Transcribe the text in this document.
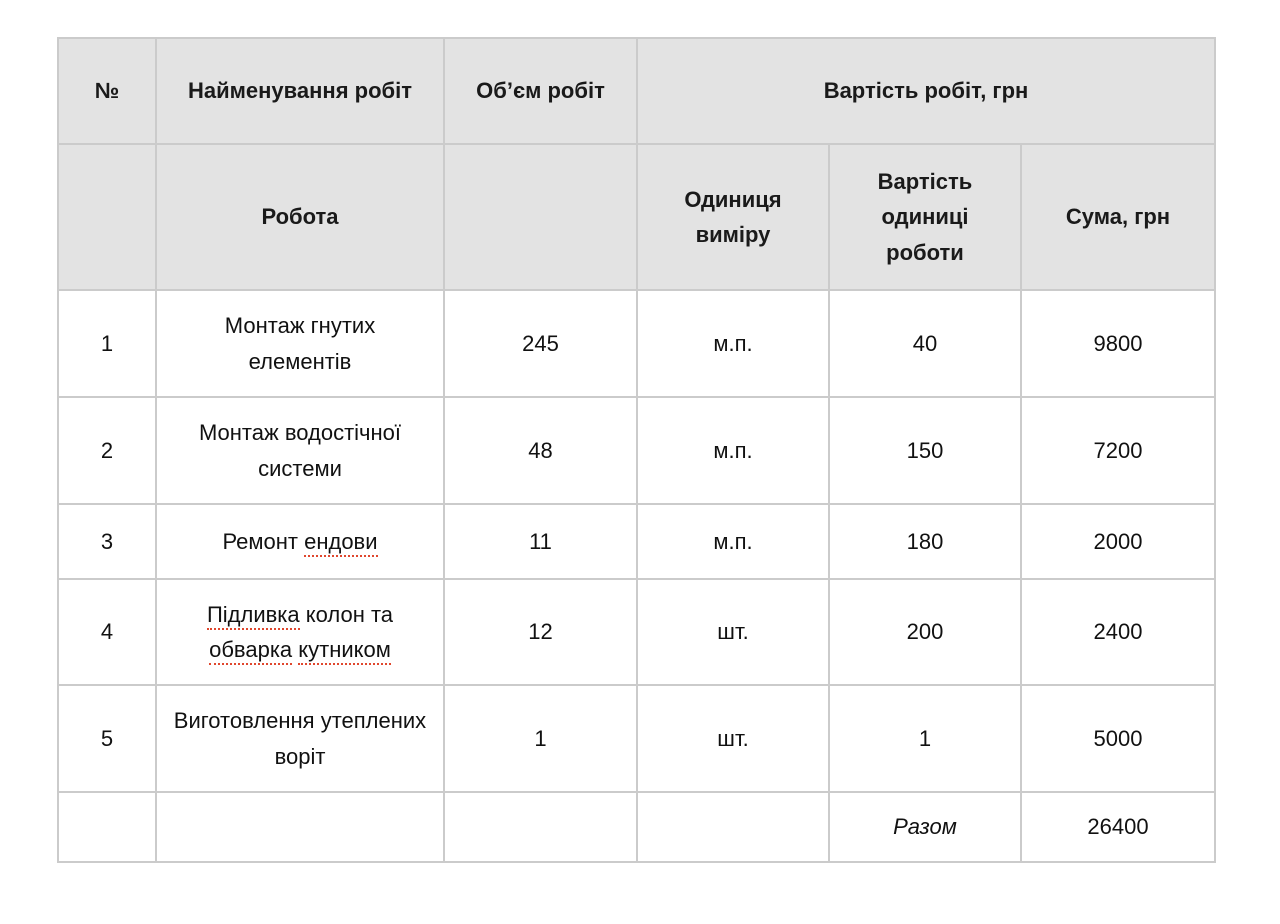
№	Найменування робіт	Об’єм робіт	Вартість робіт, грн		
	Робота		Одиниця виміру	Вартість одиниці роботи	Сума, грн
1	Монтаж гнутих елементів	245	м.п.	40	9800
2	Монтаж водостічної системи	48	м.п.	150	7200
3	Ремонт ендови	11	м.п.	180	2000
4	Підливка колон та обварка кутником	12	шт.	200	2400
5	Виготовлення утеплених воріт	1	шт.	1	5000
				Разом	26400
